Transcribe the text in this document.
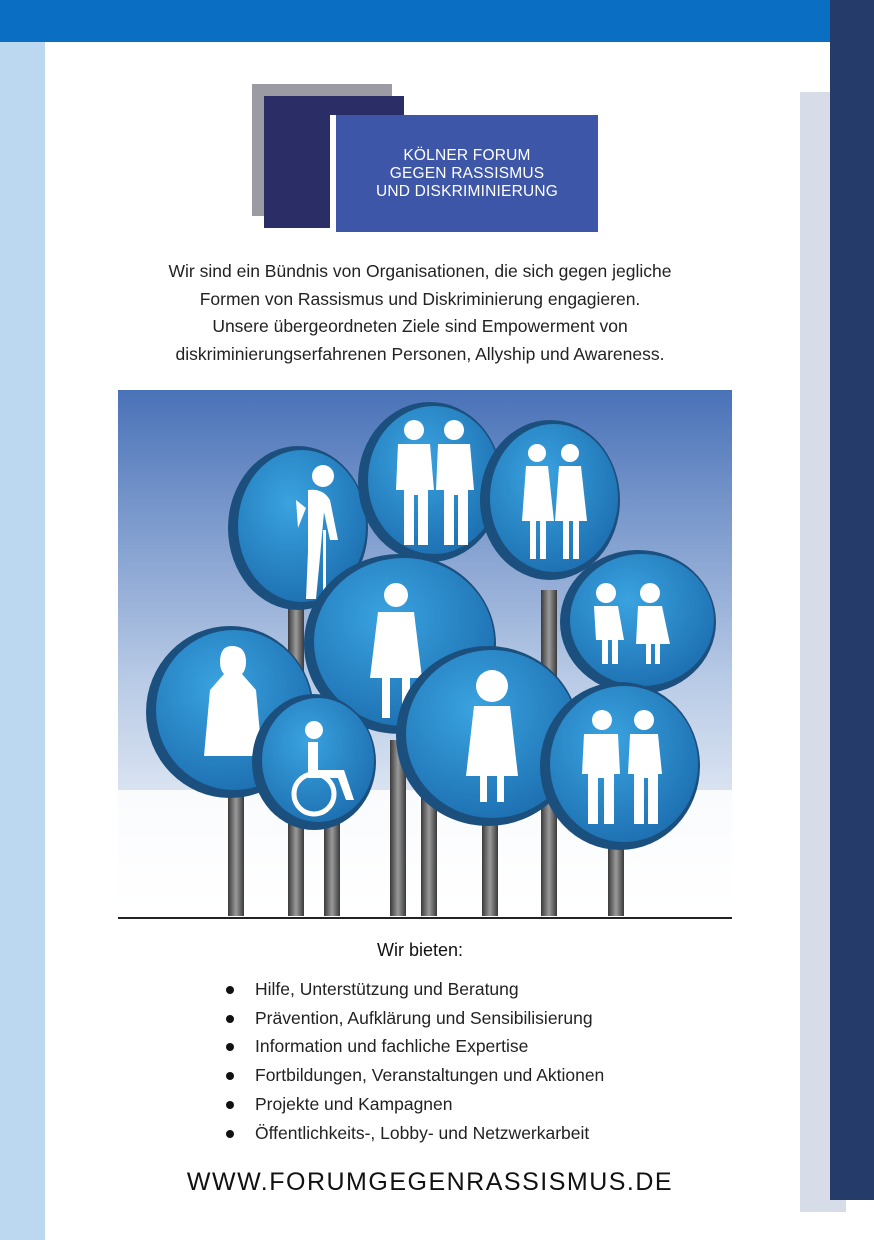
KÖLNER FORUM
GEGEN RASSISMUS
UND DISKRIMINIERUNG
Wir sind ein Bündnis von Organisationen, die sich gegen jegliche
Formen von Rassismus und Diskriminierung engagieren.
Unsere übergeordneten Ziele sind Empowerment von
diskriminierungserfahrenen Personen, Allyship und Awareness.
Wir bieten:
Hilfe, Unterstützung und Beratung
Prävention, Aufklärung und Sensibilisierung
Information und fachliche Expertise
Fortbildungen, Veranstaltungen und Aktionen
Projekte und Kampagnen
Öffentlichkeits-, Lobby- und Netzwerkarbeit
WWW.FORUMGEGENRASSISMUS.DE
